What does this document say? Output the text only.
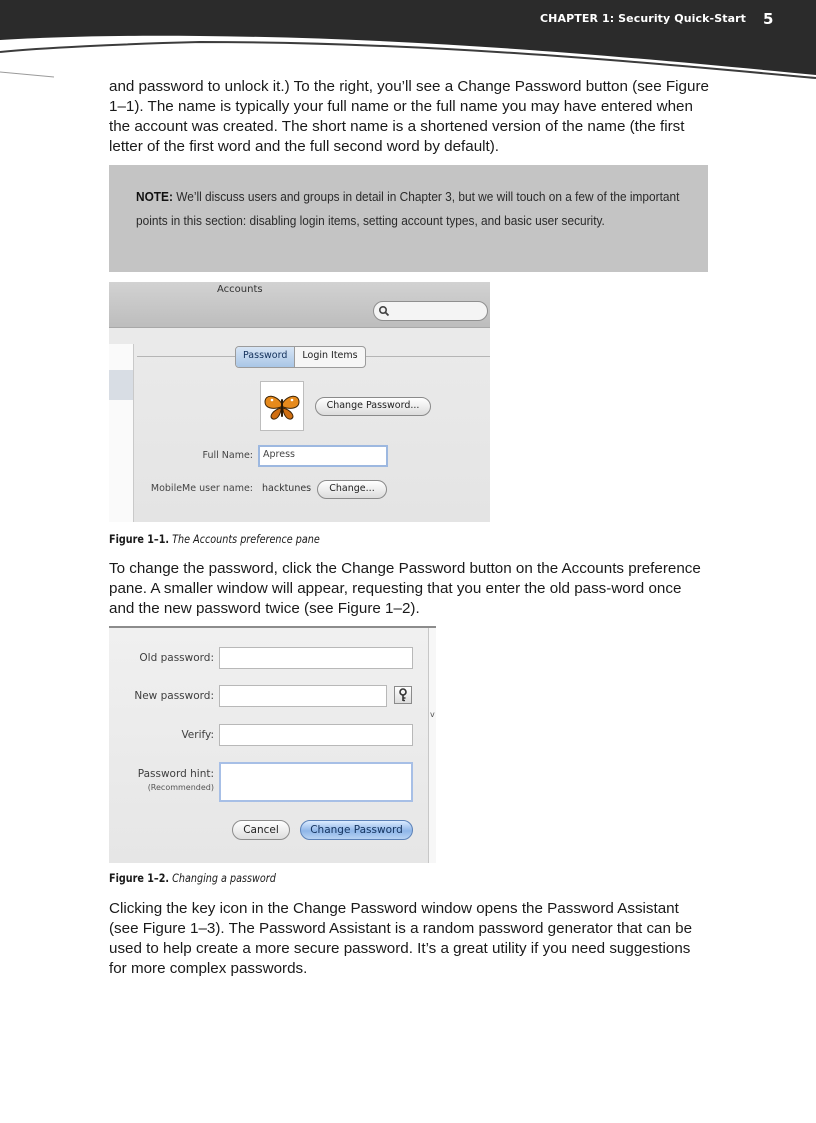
CHAPTER 1: Security Quick-Start 5

and password to unlock it.) To the right, you’ll see a Change Password button (see Figure 1–1). The name is typically your full name or the full name you may have entered when the account was created. The short name is a shortened version of the name (the first letter of the first word and the full second word by default).

NOTE: We’ll discuss users and groups in detail in Chapter 3, but we will touch on a few of the important points in this section: disabling login items, setting account types, and basic user security.

Accounts
Password	Login Items
Change Password...
Full Name:	Apress
MobileMe user name: hacktunes	Change...
Figure 1–1. The Accounts preference pane

To change the password, click the Change Password button on the Accounts preference pane. A smaller window will appear, requesting that you enter the old pass-word once and the new password twice (see Figure 1–2).

Old password:
New password:
v
Verify:
Password hint:
(Recommended)
Cancel	Change Password
Figure 1–2. Changing a password

Clicking the key icon in the Change Password window opens the Password Assistant (see Figure 1–3). The Password Assistant is a random password generator that can be used to help create a more secure password. It’s a great utility if you need suggestions for more complex passwords.
